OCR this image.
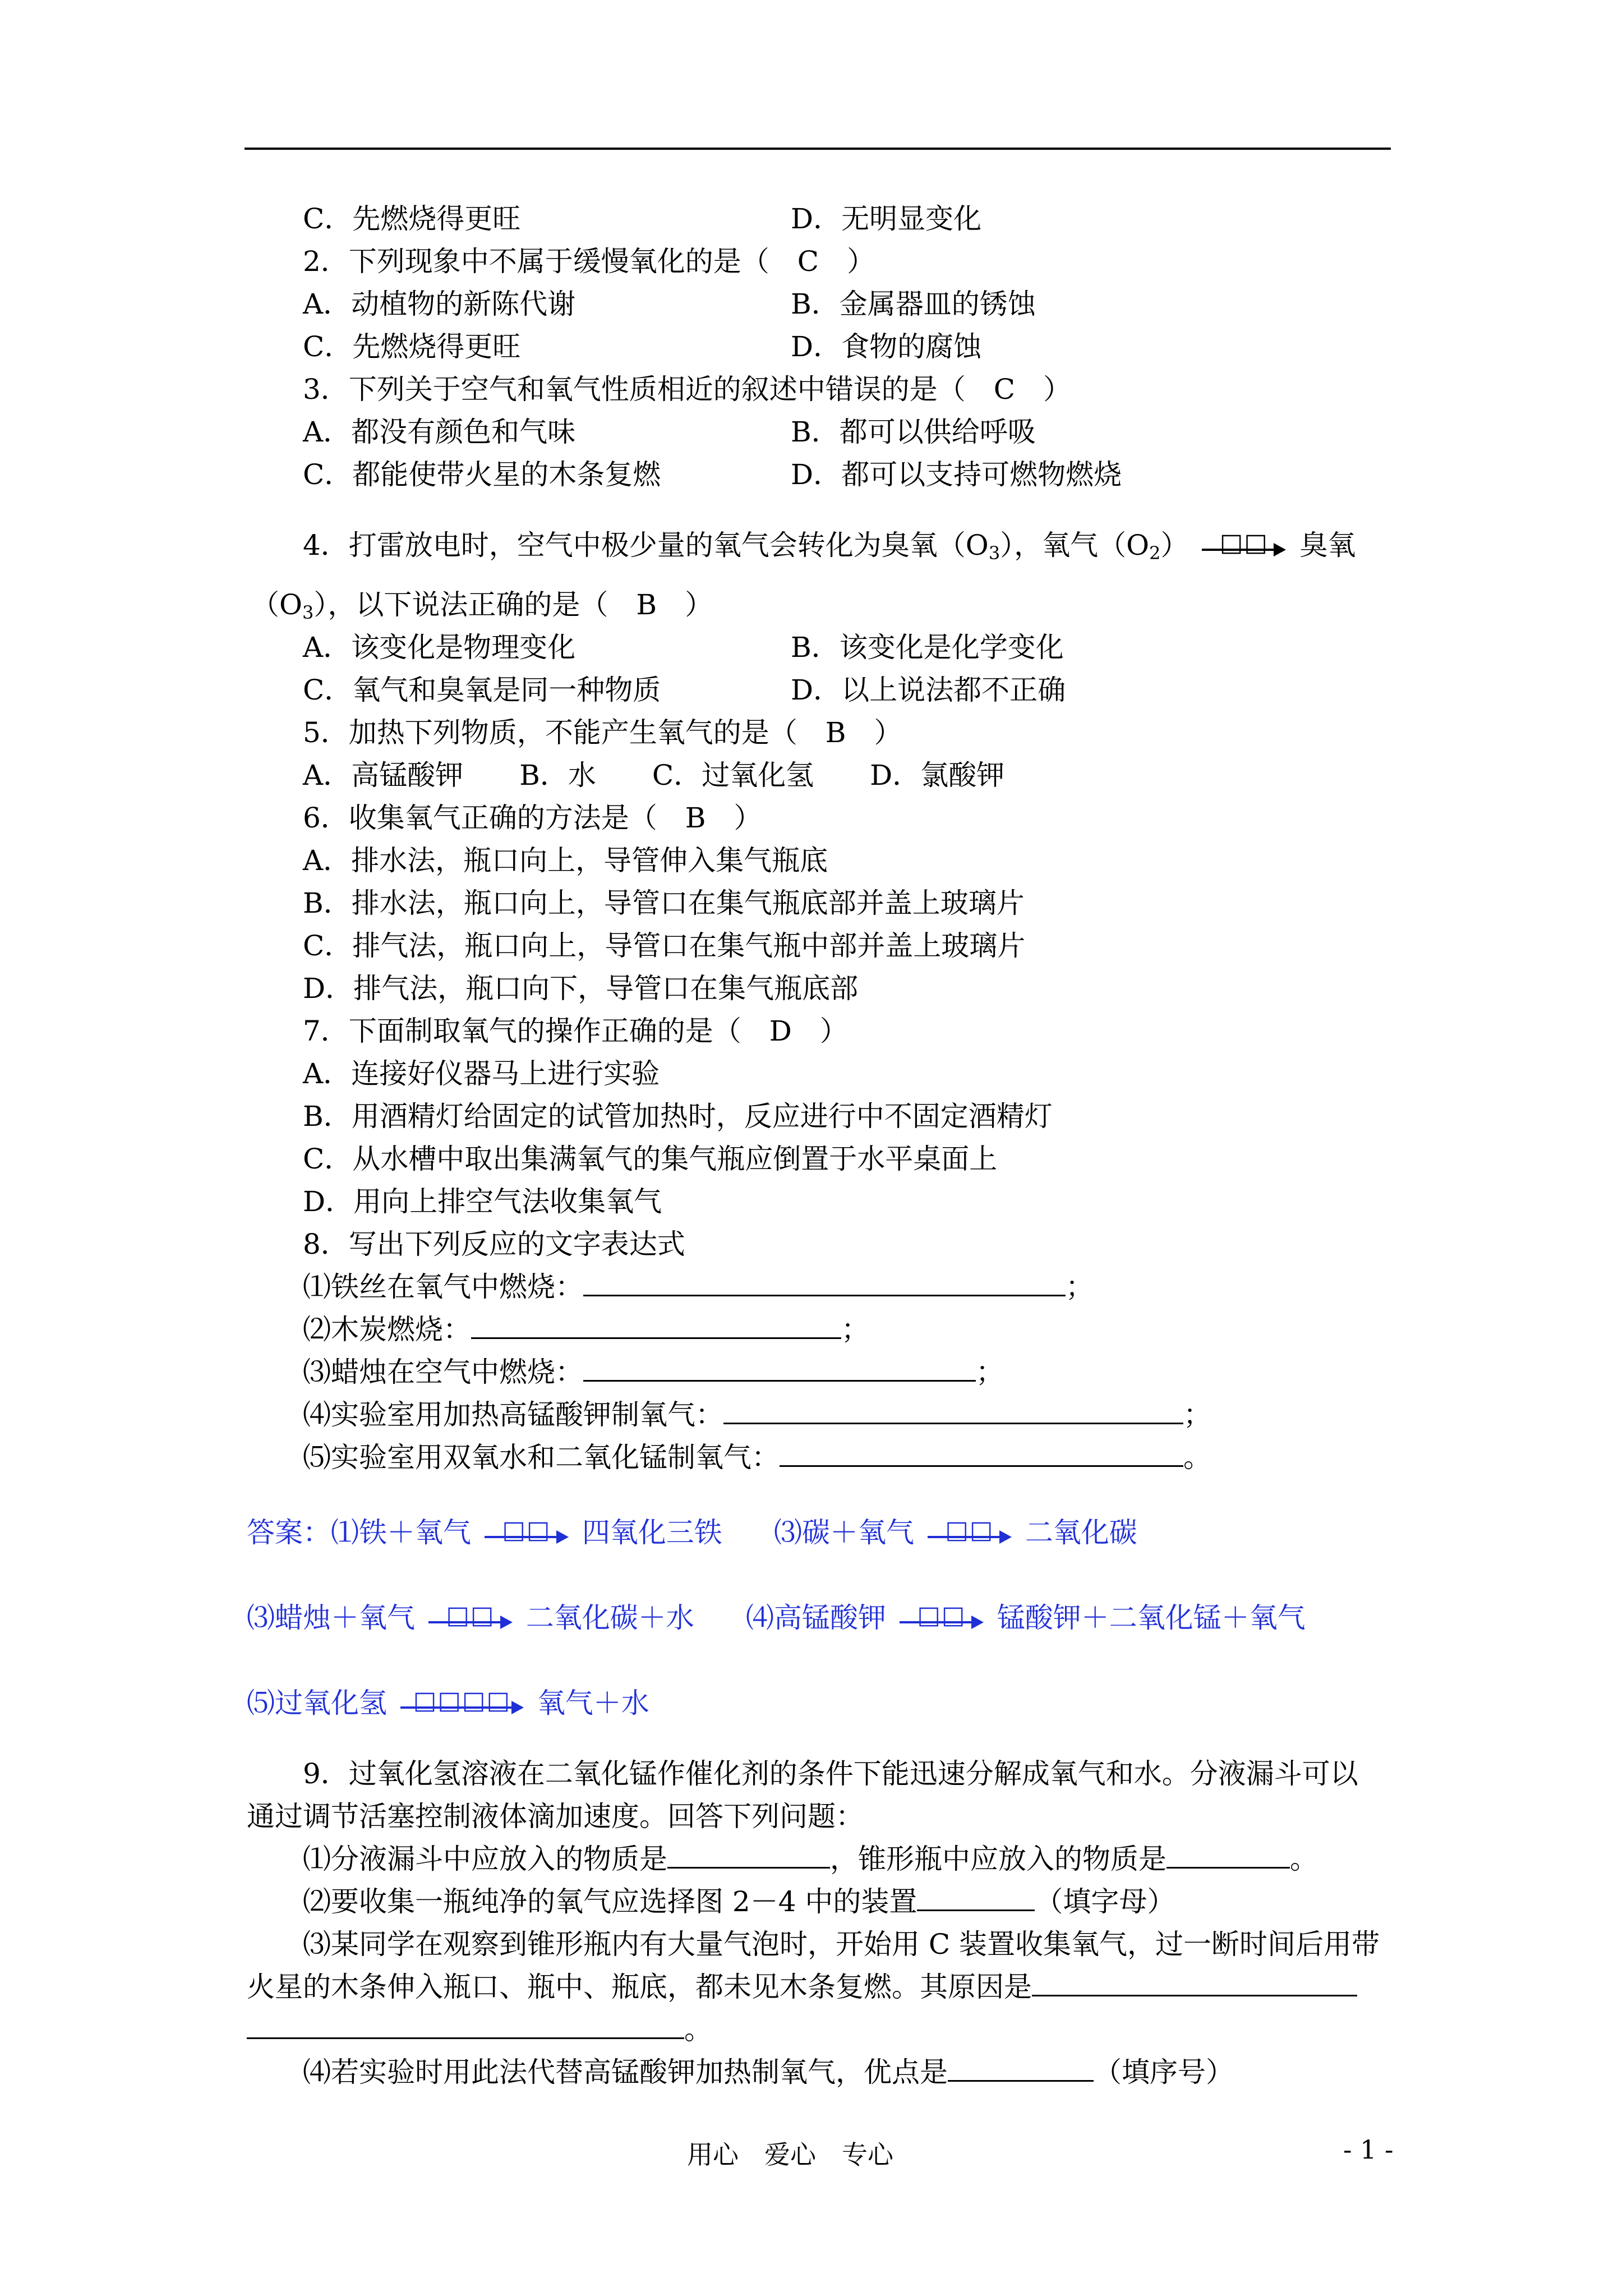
C．先燃烧得更旺	D．无明显变化
2．下列现象中不属于缓慢氧化的是（　C　）
A．动植物的新陈代谢	B．金属器皿的锈蚀
C．先燃烧得更旺	D．食物的腐蚀
3．下列关于空气和氧气性质相近的叙述中错误的是（　C　）
A．都没有颜色和气味	B．都可以供给呼吸
C．都能使带火星的木条复燃	D．都可以支持可燃物燃烧
4．打雷放电时，空气中极少量的氧气会转化为臭氧$(O_3)$，氧气$(O_2)$	□□	臭氧
$(O_3)$，以下说法正确的是（　B　）
A．该变化是物理变化	B．该变化是化学变化
C．氧气和臭氧是同一种物质	D．以上说法都不正确
5．加热下列物质，不能产生氧气的是（　B　）
A．高锰酸钾　　B．水　　C．过氧化氢　　D．氯酸钾
6．收集氧气正确的方法是（　B　）
A．排水法，瓶口向上，导管伸入集气瓶底
B．排水法，瓶口向上，导管口在集气瓶底部并盖上玻璃片
C．排气法，瓶口向上，导管口在集气瓶中部并盖上玻璃片
D．排气法，瓶口向下，导管口在集气瓶底部
7．下面制取氧气的操作正确的是（　D　）
A．连接好仪器马上进行实验
B．用酒精灯给固定的试管加热时，反应进行中不固定酒精灯
C．从水槽中取出集满氧气的集气瓶应倒置于水平桌面上
D．用向上排空气法收集氧气
8．写出下列反应的文字表达式
⑴铁丝在氧气中燃烧：	；
⑵木炭燃烧：	；
⑶蜡烛在空气中燃烧：	；
⑷实验室用加热高锰酸钾制氧气：	；
⑸实验室用双氧水和二氧化锰制氧气：	。
答案：⑴铁＋氧气	□□	四氧化三铁 ⑶碳＋氧气	□□	二氧化碳
⑶蜡烛＋氧气	□□	二氧化碳＋水 ⑷高锰酸钾	□□	锰酸钾＋二氧化锰＋氧气
⑸过氧化氢	□□□□ 氧气＋水
9．过氧化氢溶液在二氧化锰作催化剂的条件下能迅速分解成氧气和水。分液漏斗可以
通过调节活塞控制液体滴加速度。回答下列问题：
⑴分液漏斗中应放入的物质是	，锥形瓶中应放入的物质是	。
⑵要收集一瓶纯净的氧气应选择图 2－4 中的装置	（填字母）
⑶某同学在观察到锥形瓶内有大量气泡时，开始用 C 装置收集氧气，过一断时间后用带
火星的木条伸入瓶口、瓶中、瓶底，都未见木条复燃。其原因是
。
⑷若实验时用此法代替高锰酸钾加热制氧气，优点是	（填序号）
用心　爱心　专心	- 1 -
